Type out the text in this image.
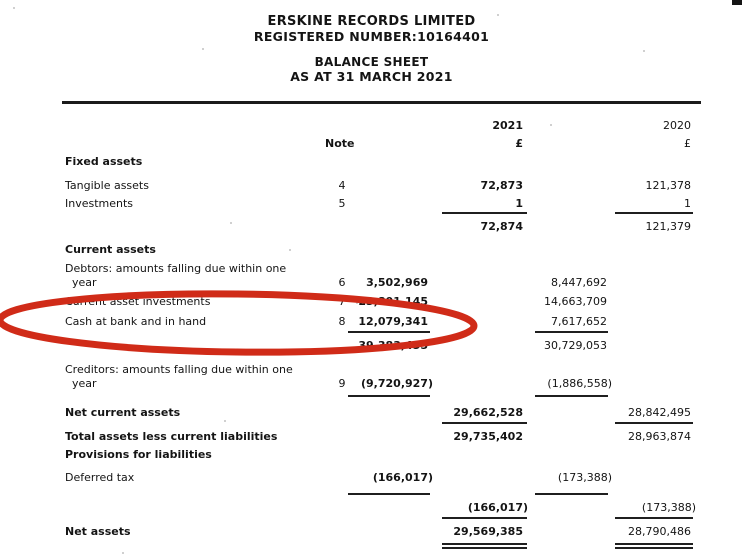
ERSKINE RECORDS LIMITED
REGISTERED NUMBER:10164401
BALANCE SHEET
AS AT 31 MARCH 2021
2021	2020
Note	£	£
Fixed assets
Tangible assets	4	72,873	121,378
Investments	5	1	1
72,874	121,379
Current assets
Debtors: amounts falling due within one
year	6	3,502,969	8,447,692
Current asset investments	7	23,801,145	14,663,709
Cash at bank and in hand	8	12,079,341	7,617,652
39,383,455	30,729,053
Creditors: amounts falling due within one
year	9	(9,720,927)	(1,886,558)
Net current assets	29,662,528	28,842,495
Total assets less current liabilities	29,735,402	28,963,874
Provisions for liabilities
Deferred tax	(166,017)	(173,388)
(166,017)	(173,388)
Net assets	29,569,385	28,790,486
